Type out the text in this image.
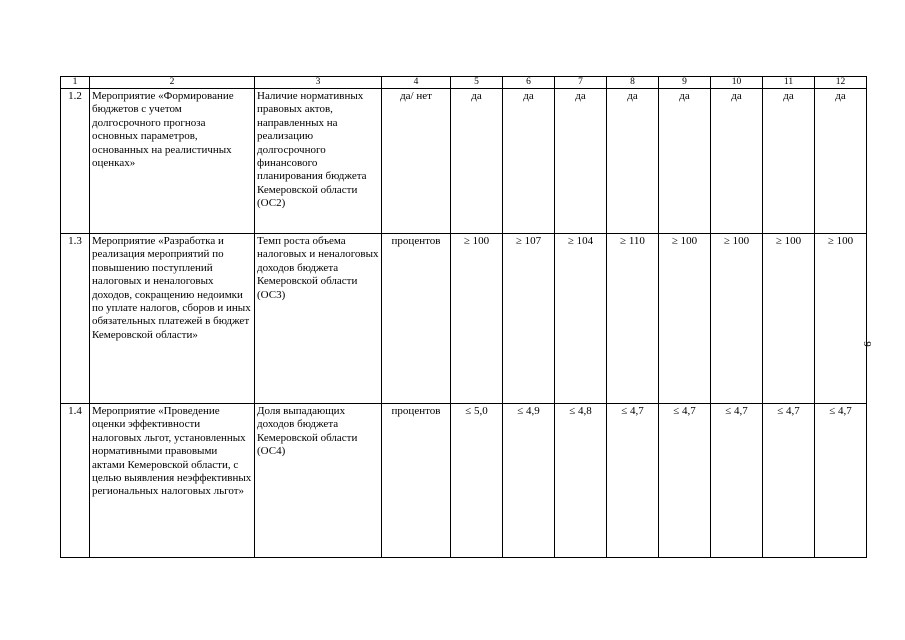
1	2	3	4	5	6	7	8	9	10	11	12
1.2	Мероприятие «Формирование бюджетов с учетом долгосрочного прогноза основных параметров, основанных на реалистичных оценках»	Наличие нормативных правовых актов, направленных на реализацию долгосрочного финансового планирования бюджета Кемеровской области (ОС2)	да/ нет	да	да	да	да	да	да	да	да
1.3	Мероприятие «Разработка и реализация мероприятий по повышению поступлений налоговых и неналоговых доходов, сокращению недоимки по уплате налогов, сборов и иных обязательных платежей в бюджет Кемеровской области»	Темп роста объема налоговых и неналоговых доходов бюджета Кемеровской области (ОС3)	процентов	≥ 100	≥ 107	≥ 104	≥ 110	≥ 100	≥ 100	≥ 100	≥ 100
1.4	Мероприятие «Проведение оценки эффективности налоговых льгот, установленных нормативными правовыми актами Кемеровской области, с целью выявления неэффективных региональных налоговых льгот»	Доля выпадающих доходов бюджета Кемеровской области (ОС4)	процентов	≤ 5,0	≤ 4,9	≤ 4,8	≤ 4,7	≤ 4,7	≤ 4,7	≤ 4,7	≤ 4,7
9
